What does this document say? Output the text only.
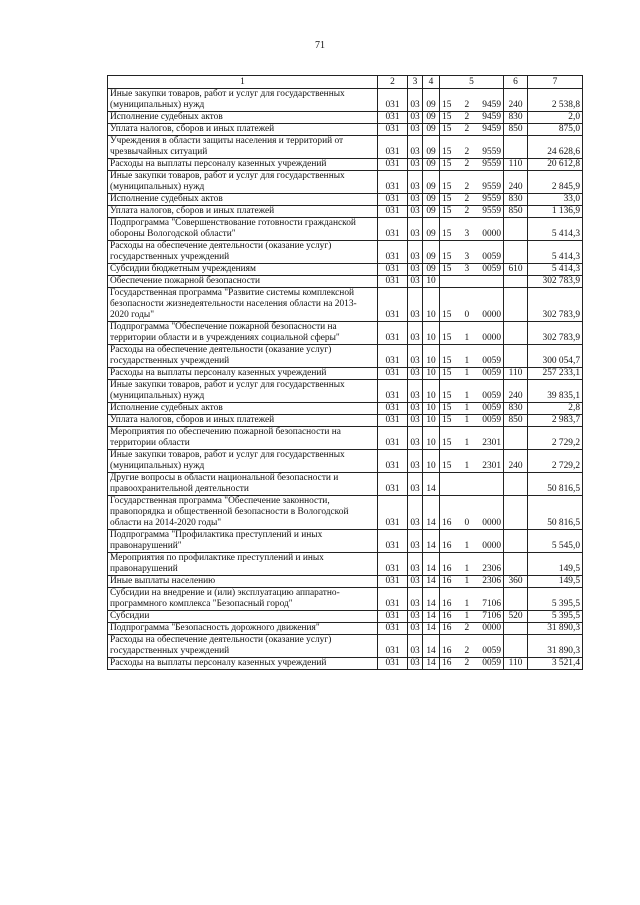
71
1	2	3	4	5	6	7
Иные закупки товаров, работ и услуг для государственных (муниципальных) нужд	031	03	09	15 2 9459	240	2 538,8
Исполнение судебных актов	031	03	09	15 2 9459	830	2,0
Уплата налогов, сборов и иных платежей	031	03	09	15 2 9459	850	875,0
Учреждения в области защиты населения и территорий от чрезвычайных ситуаций	031	03	09	15 2 9559		24 628,6
Расходы на выплаты персоналу казенных учреждений	031	03	09	15 2 9559	110	20 612,8
Иные закупки товаров, работ и услуг для государственных (муниципальных) нужд	031	03	09	15 2 9559	240	2 845,9
Исполнение судебных актов	031	03	09	15 2 9559	830	33,0
Уплата налогов, сборов и иных платежей	031	03	09	15 2 9559	850	1 136,9
Подпрограмма "Совершенствование готовности гражданской обороны Вологодской области"	031	03	09	15 3 0000		5 414,3
Расходы на обеспечение деятельности (оказание услуг) государственных учреждений	031	03	09	15 3 0059		5 414,3
Субсидии бюджетным учреждениям	031	03	09	15 3 0059	610	5 414,3
Обеспечение пожарной безопасности	031	03	10			302 783,9
Государственная программа "Развитие системы комплексной безопасности жизнедеятельности населения области на 2013-2020 годы"	031	03	10	15 0 0000		302 783,9
Подпрограмма "Обеспечение пожарной безопасности на территории области и в учреждениях социальной сферы"	031	03	10	15 1 0000		302 783,9
Расходы на обеспечение деятельности (оказание услуг) государственных учреждений	031	03	10	15 1 0059		300 054,7
Расходы на выплаты персоналу казенных учреждений	031	03	10	15 1 0059	110	257 233,1
Иные закупки товаров, работ и услуг для государственных (муниципальных) нужд	031	03	10	15 1 0059	240	39 835,1
Исполнение судебных актов	031	03	10	15 1 0059	830	2,8
Уплата налогов, сборов и иных платежей	031	03	10	15 1 0059	850	2 983,7
Мероприятия по обеспечению пожарной безопасности на территории области	031	03	10	15 1 2301		2 729,2
Иные закупки товаров, работ и услуг для государственных (муниципальных) нужд	031	03	10	15 1 2301	240	2 729,2
Другие вопросы в области национальной безопасности и правоохранительной деятельности	031	03	14			50 816,5
Государственная программа "Обеспечение законности, правопорядка и общественной безопасности в Вологодской области на 2014-2020 годы"	031	03	14	16 0 0000		50 816,5
Подпрограмма "Профилактика преступлений и иных правонарушений"	031	03	14	16 1 0000		5 545,0
Мероприятия по профилактике преступлений и иных правонарушений	031	03	14	16 1 2306		149,5
Иные выплаты населению	031	03	14	16 1 2306	360	149,5
Субсидии на внедрение и (или) эксплуатацию аппаратно-программного комплекса "Безопасный город"	031	03	14	16 1 7106		5 395,5
Субсидии	031	03	14	16 1 7106	520	5 395,5
Подпрограмма "Безопасность дорожного движения"	031	03	14	16 2 0000		31 890,3
Расходы на обеспечение деятельности (оказание услуг) государственных учреждений	031	03	14	16 2 0059		31 890,3
Расходы на выплаты персоналу казенных учреждений	031	03	14	16 2 0059	110	3 521,4
